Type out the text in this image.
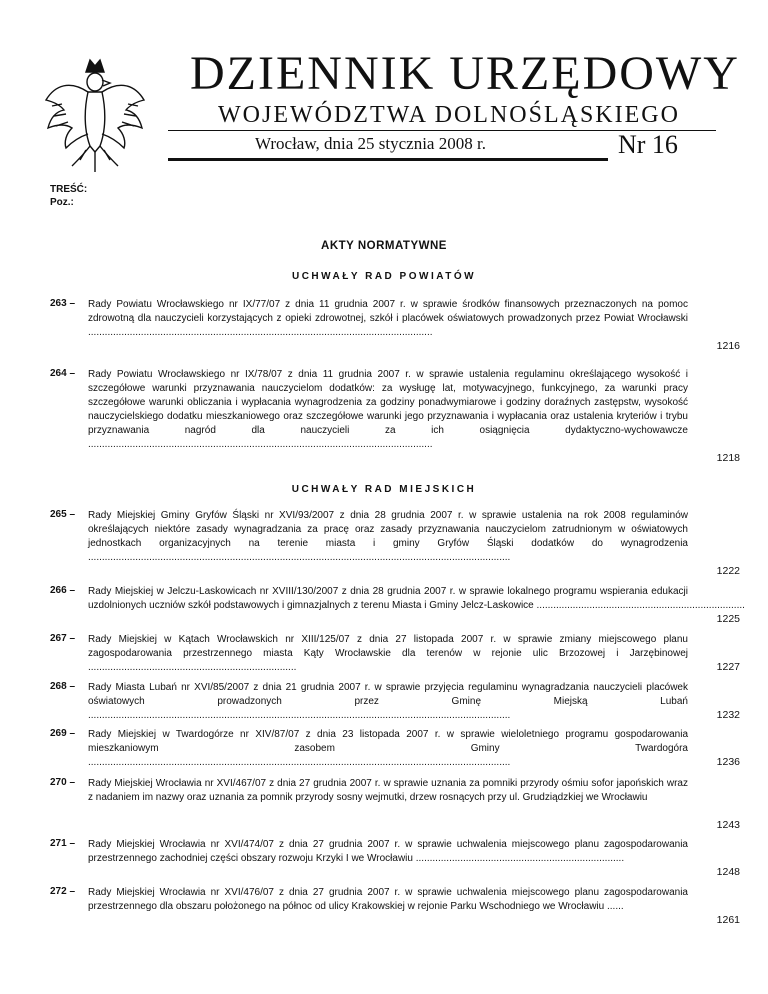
DZIENNIK URZĘDOWY
WOJEWÓDZTWA DOLNOŚLĄSKIEGO
Wrocław, dnia 25 stycznia 2008 r.	Nr 16
TREŚĆ:
Poz.:
AKTY NORMATYWNE
UCHWAŁY RAD POWIATÓW
263 – Rady Powiatu Wrocławskiego nr IX/77/07 z dnia 11 grudnia 2007 r. w sprawie środków finansowych przeznaczonych na pomoc zdrowotną dla nauczycieli korzystających z opieki zdrowotnej, szkół i placówek oświatowych prowadzonych przez Powiat Wrocławski ............................................................................................................................
1216
264 – Rady Powiatu Wrocławskiego nr IX/78/07 z dnia 11 grudnia 2007 r. w sprawie ustalenia regulaminu określającego wysokość i szczegółowe warunki przyznawania nauczycielom dodatków: za wysługę lat, motywacyjnego, funkcyjnego, za warunki pracy szczegółowe warunki obliczania i wypłacania wynagrodzenia za godziny ponadwymiarowe i godziny doraźnych zastępstw, wysokość nauczycielskiego dodatku mieszkaniowego oraz szczegółowe warunki jego przyznawania i wypłacania oraz ustalenia kryteriów i trybu przyznawania nagród dla nauczycieli za ich osiągnięcia dydaktyczno-wychowawcze ............................................................................................................................
1218
UCHWAŁY RAD MIEJSKICH
265 – Rady Miejskiej Gminy Gryfów Śląski nr XVI/93/2007 z dnia 28 grudnia 2007 r. w sprawie ustalenia na rok 2008 regulaminów określających niektóre zasady wynagradzania za pracę oraz zasady przyznawania nauczycielom zatrudnionym w oświatowych jednostkach organizacyjnych na terenie miasta i gminy Gryfów Śląski dodatków do wynagrodzenia ........................................................................................................................................................
1222
266 – Rady Miejskiej w Jelczu-Laskowicach nr XVIII/130/2007 z dnia 28 grudnia 2007 r. w sprawie lokalnego programu wspierania edukacji uzdolnionych uczniów szkół podstawowych i gimnazjalnych z terenu Miasta i Gminy Jelcz-Laskowice ...........................................................................
1225
267 – Rady Miejskiej w Kątach Wrocławskich nr XIII/125/07 z dnia 27 listopada 2007 r. w sprawie zmiany miejscowego planu zagospodarowania przestrzennego miasta Kąty Wrocławskie dla terenów w rejonie ulic Brzozowej i Jarzębinowej ...........................................................................	1227
268 – Rady Miasta Lubań nr XVI/85/2007 z dnia 21 grudnia 2007 r. w sprawie przyjęcia regulaminu wynagradzania nauczycieli placówek oświatowych prowadzonych przez Gminę Miejską Lubań ........................................................................................................................................................	1232
269 – Rady Miejskiej w Twardogórze nr XIV/87/07 z dnia 23 listopada 2007 r. w sprawie wieloletniego programu gospodarowania mieszkaniowym zasobem Gminy Twardogóra ........................................................................................................................................................	1236
270 – Rady Miejskiej Wrocławia nr XVI/467/07 z dnia 27 grudnia 2007 r. w sprawie uznania za pomniki przyrody ośmiu sofor japońskich wraz z nadaniem im nazwy oraz uznania za pomnik przyrody sosny wejmutki, drzew rosnących przy ul. Grudziądzkiej we Wrocławiu
1243
271 – Rady Miejskiej Wrocławia nr XVI/474/07 z dnia 27 grudnia 2007 r. w sprawie uchwalenia miejscowego planu zagospodarowania przestrzennego zachodniej części obszary rozwoju Krzyki I we Wrocławiu ...........................................................................
1248
272 – Rady Miejskiej Wrocławia nr XVI/476/07 z dnia 27 grudnia 2007 r. w sprawie uchwalenia miejscowego planu zagospodarowania przestrzennego dla obszaru położonego na północ od ulicy Krakowskiej w rejonie Parku Wschodniego we Wrocławiu ......
1261
